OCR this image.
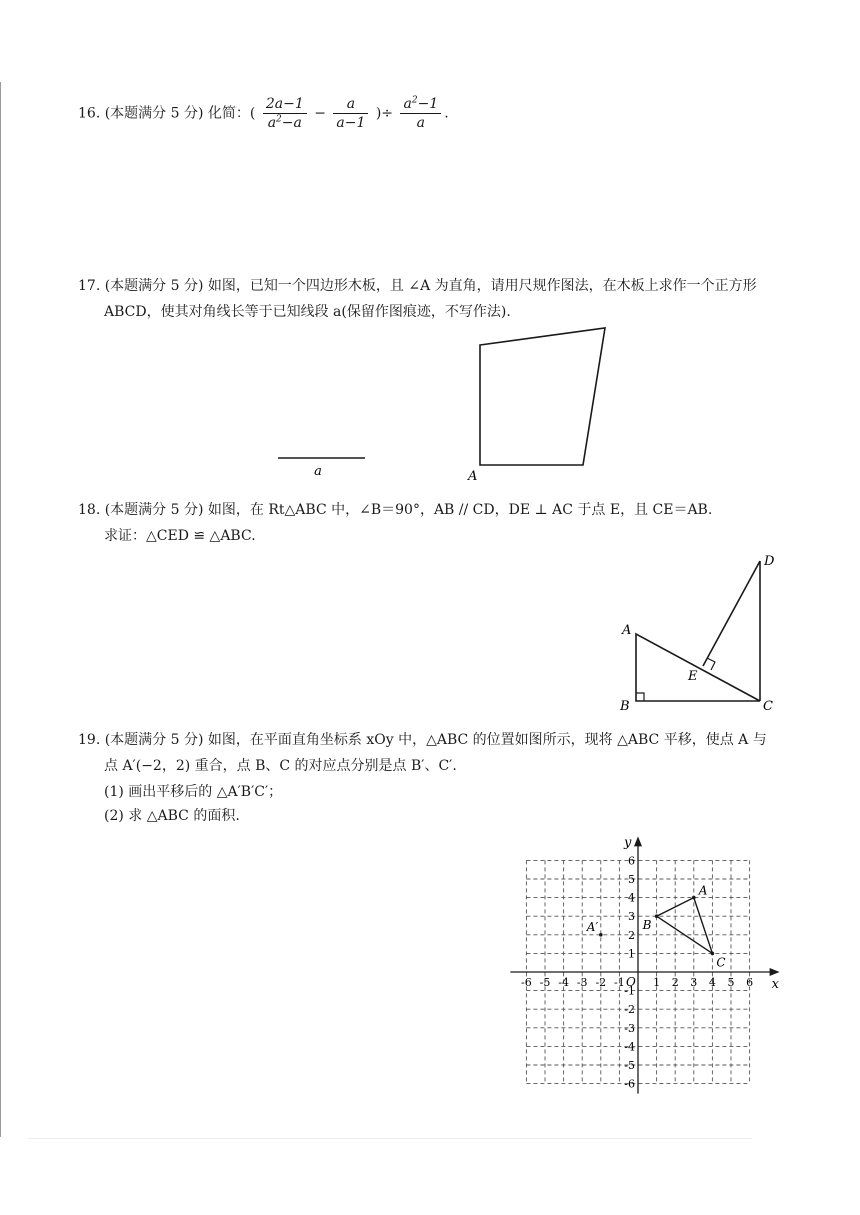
16. (本题满分 5 分) 化简：( $\frac{2a-1}{a^2-a} - \frac{a}{a-1}$ )÷ $\frac{a^2-1}{a}$ .
17. (本题满分 5 分) 如图，已知一个四边形木板，且 ∠A 为直角，请用尺规作图法，在木板上求作一个正方形
ABCD，使其对角线长等于已知线段 a(保留作图痕迹，不写作法).
a	A
18. (本题满分 5 分) 如图，在 Rt△ABC 中，∠B＝90°，AB // CD，DE ⊥ AC 于点 E，且 CE＝AB.
求证：△CED ≌ △ABC.
A
B	C
D
E
19. (本题满分 5 分) 如图，在平面直角坐标系 xOy 中，△ABC 的位置如图所示，现将 △ABC 平移，使点 A 与
点 A′(−2，2) 重合，点 B、C 的对应点分别是点 B′、C′.
(1) 画出平移后的 △A′B′C′；
(2) 求 △ABC 的面积.
x
y
O
-6 -5 -4 -3 -2 -1	1 2 3 4 5 6
6
5
4
3
2
1
-1
-2
-3
-4
-5
-6
A
B
C
A′
